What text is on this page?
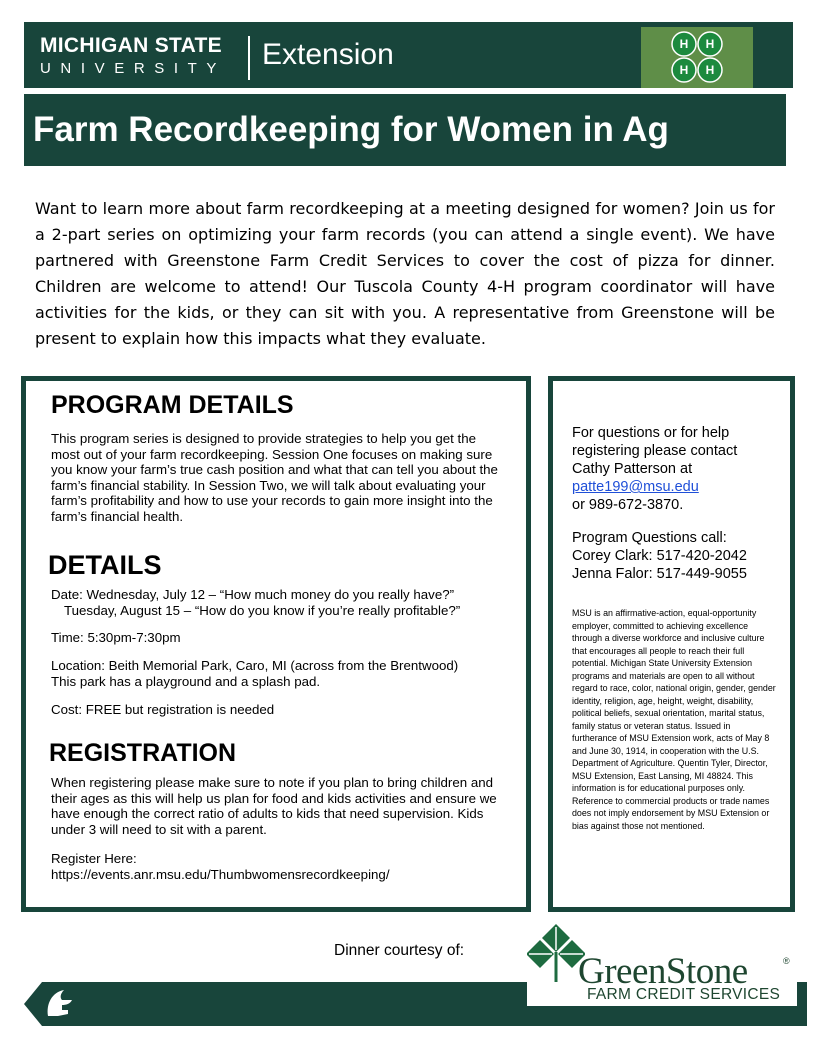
MICHIGAN STATE
UNIVERSITY Extension	H H
H H
Farm Recordkeeping for Women in Ag
Want to learn more about farm recordkeeping at a meeting designed for women? Join us for a 2-part series on optimizing your farm records (you can attend a single event). We have partnered with Greenstone Farm Credit Services to cover the cost of pizza for dinner. Children are welcome to attend! Our Tuscola County 4-H program coordinator will have activities for the kids, or they can sit with you. A representative from Greenstone will be present to explain how this impacts what they evaluate.
PROGRAM DETAILS
This program series is designed to provide strategies to help you get the most out of your farm recordkeeping. Session One focuses on making sure you know your farm’s true cash position and what that can tell you about the farm’s financial stability. In Session Two, we will talk about evaluating your farm’s profitability and how to use your records to gain more insight into the farm’s financial health.
DETAILS
Date: Wednesday, July 12 – “How much money do you really have?”
Tuesday, August 15 – “How do you know if you’re really profitable?”
Time: 5:30pm-7:30pm
Location: Beith Memorial Park, Caro, MI (across from the Brentwood)
This park has a playground and a splash pad.
Cost: FREE but registration is needed
REGISTRATION
When registering please make sure to note if you plan to bring children and their ages as this will help us plan for food and kids activities and ensure we have enough the correct ratio of adults to kids that need supervision. Kids under 3 will need to sit with a parent.
Register Here:
https://events.anr.msu.edu/Thumbwomensrecordkeeping/
For questions or for help registering please contact Cathy Patterson at
patte199@msu.edu
or 989-672-3870.
Program Questions call:
Corey Clark: 517-420-2042
Jenna Falor: 517-449-9055
MSU is an affirmative-action, equal-opportunity employer, committed to achieving excellence through a diverse workforce and inclusive culture that encourages all people to reach their full potential. Michigan State University Extension programs and materials are open to all without regard to race, color, national origin, gender, gender identity, religion, age, height, weight, disability, political beliefs, sexual orientation, marital status, family status or veteran status. Issued in furtherance of MSU Extension work, acts of May 8 and June 30, 1914, in cooperation with the U.S. Department of Agriculture. Quentin Tyler, Director, MSU Extension, East Lansing, MI 48824. This information is for educational purposes only. Reference to commercial products or trade names does not imply endorsement by MSU Extension or bias against those not mentioned.
Dinner courtesy of:
GreenStone	®
FARM CREDIT SERVICES
